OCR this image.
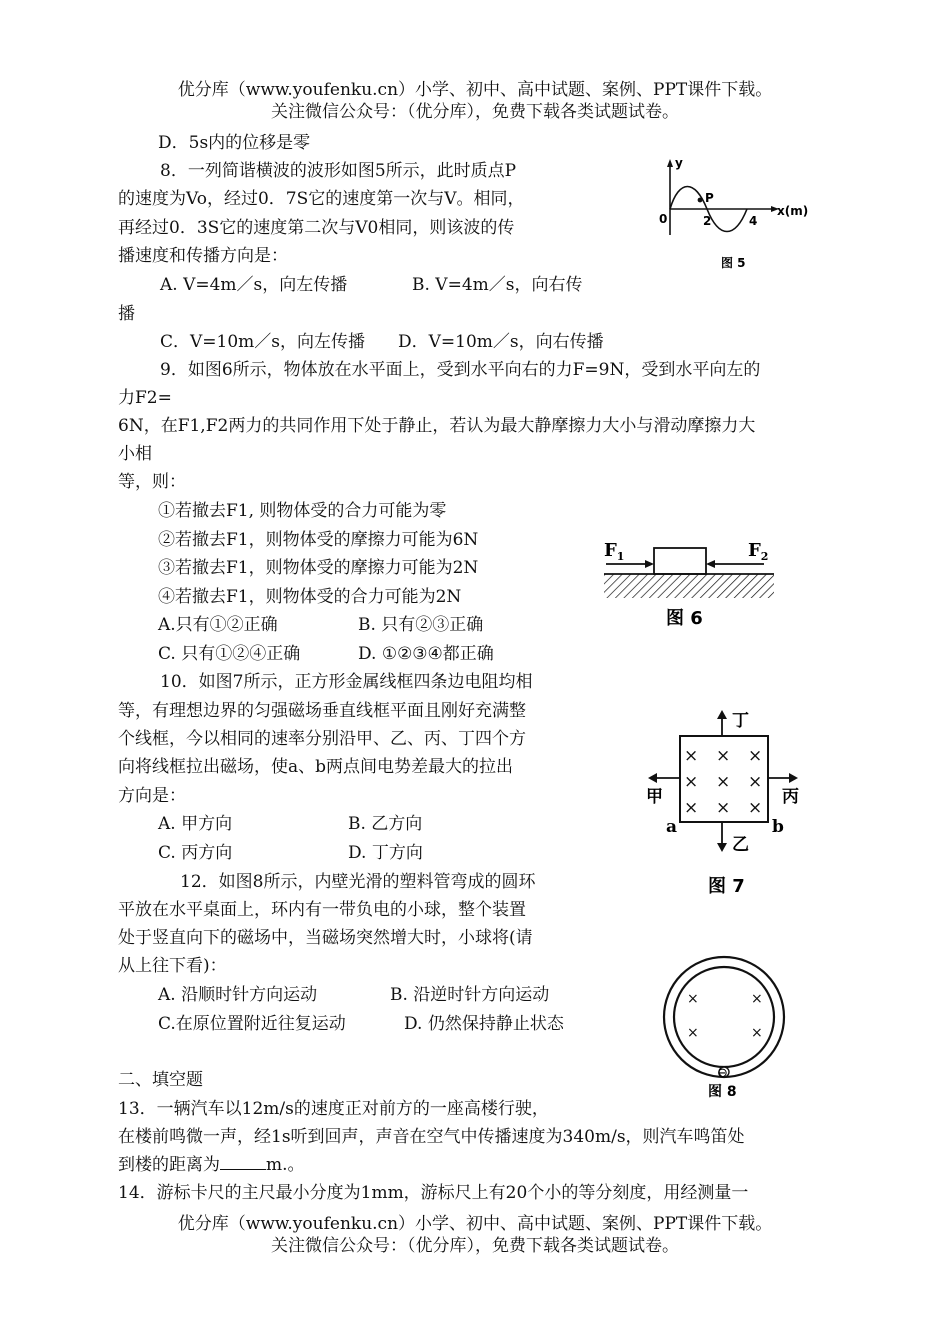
优分库（www.youfenku.cn）小学、初中、高中试题、案例、PPT课件下载。
关注微信公众号：（优分库），免费下载各类试题试卷。
D．5s内的位移是零
8．一列简谐横波的波形如图5所示，此时质点P
的速度为Vo，经过0．7S它的速度第一次与V。相同，
再经过0．3S它的速度第二次与V0相同，则该波的传
播速度和传播方向是：
A. V=4m／s，向左传播	B. V=4m／s，向右传
播
C．V=10m／s，向左传播 D．V=10m／s，向右传播
y
P
x(m)
0	2	4
图 5
9．如图6所示，物体放在水平面上，受到水平向右的力F=9N，受到水平向左的
力F2=
6N，在F1,F2两力的共同作用下处于静止，若认为最大静摩擦力大小与滑动摩擦力大
小相
等，则：
①若撤去F1, 则物体受的合力可能为零
②若撤去F1，则物体受的摩擦力可能为6N
③若撤去F1，则物体受的摩擦力可能为2N
④若撤去F1，则物体受的合力可能为2N
A.只有①②正确	B. 只有②③正确
C. 只有①②④正确	D. ①②③④都正确
$F_1$	$F_2$
图 6
10．如图7所示，正方形金属线框四条边电阻均相
等，有理想边界的匀强磁场垂直线框平面且刚好充满整
个线框，今以相同的速率分别沿甲、乙、丙、丁四个方
向将线框拉出磁场，使a、b两点间电势差最大的拉出
方向是：
A. 甲方向	B. 乙方向
C. 丙方向	D. 丁方向
丁
× × ×
× × ×
× × ×
甲	丙
a	b
乙
图 7
12．如图8所示，内壁光滑的塑料管弯成的圆环
平放在水平桌面上，环内有一带负电的小球，整个装置
处于竖直向下的磁场中，当磁场突然增大时，小球将(请
从上往下看)：
A. 沿顺时针方向运动	B. 沿逆时针方向运动
C.在原位置附近往复运动	D. 仍然保持静止状态
×	×
×	×
⊖
图 8
二、填空题
13．一辆汽车以12m/s的速度正对前方的一座高楼行驶，
在楼前鸣微一声，经1s听到回声，声音在空气中传播速度为340m/s，则汽车鸣笛处
到楼的距离为	m.。
14．游标卡尺的主尺最小分度为1mm，游标尺上有20个小的等分刻度，用经测量一
优分库（www.youfenku.cn）小学、初中、高中试题、案例、PPT课件下载。
关注微信公众号：（优分库），免费下载各类试题试卷。
